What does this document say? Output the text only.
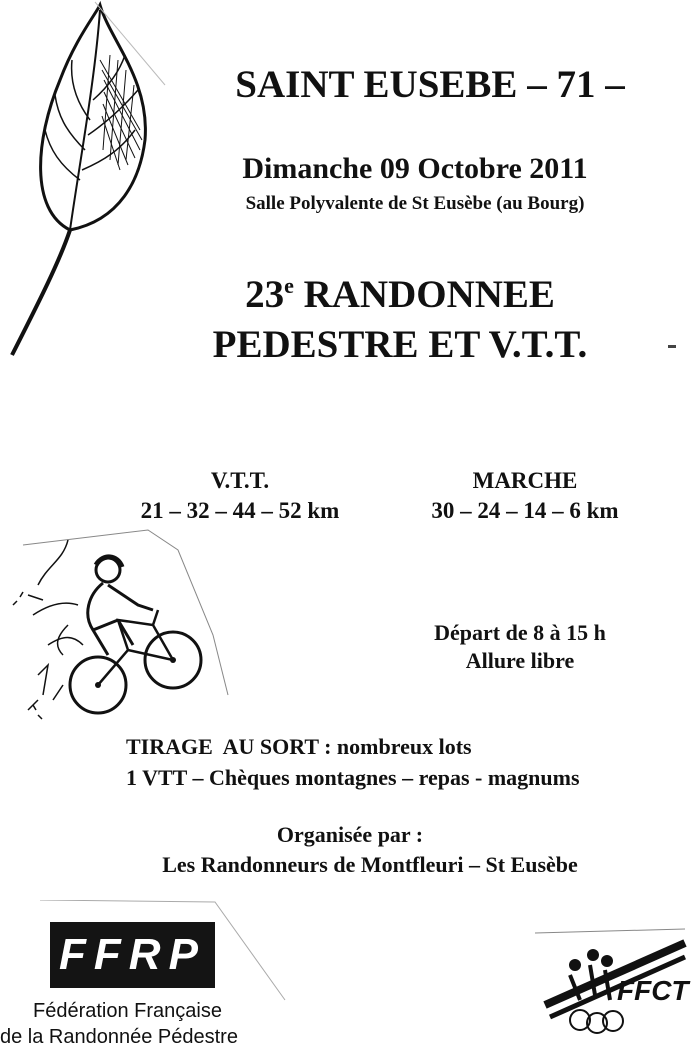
SAINT EUSEBE – 71 –
Dimanche 09 Octobre 2011
Salle Polyvalente de St Eusèbe (au Bourg)
23e RANDONNEE
PEDESTRE ET V.T.T.
V.T.T.
21 – 32 – 44 – 52 km
MARCHE
30 – 24 – 14 – 6 km
Départ de 8 à 15 h
Allure libre
TIRAGE  AU SORT : nombreux lots
1 VTT – Chèques montagnes – repas - magnums
Organisée par :
Les Randonneurs de Montfleuri – St Eusèbe
FFRP
Fédération Française
de la Randonnée Pédestre
FFCT
